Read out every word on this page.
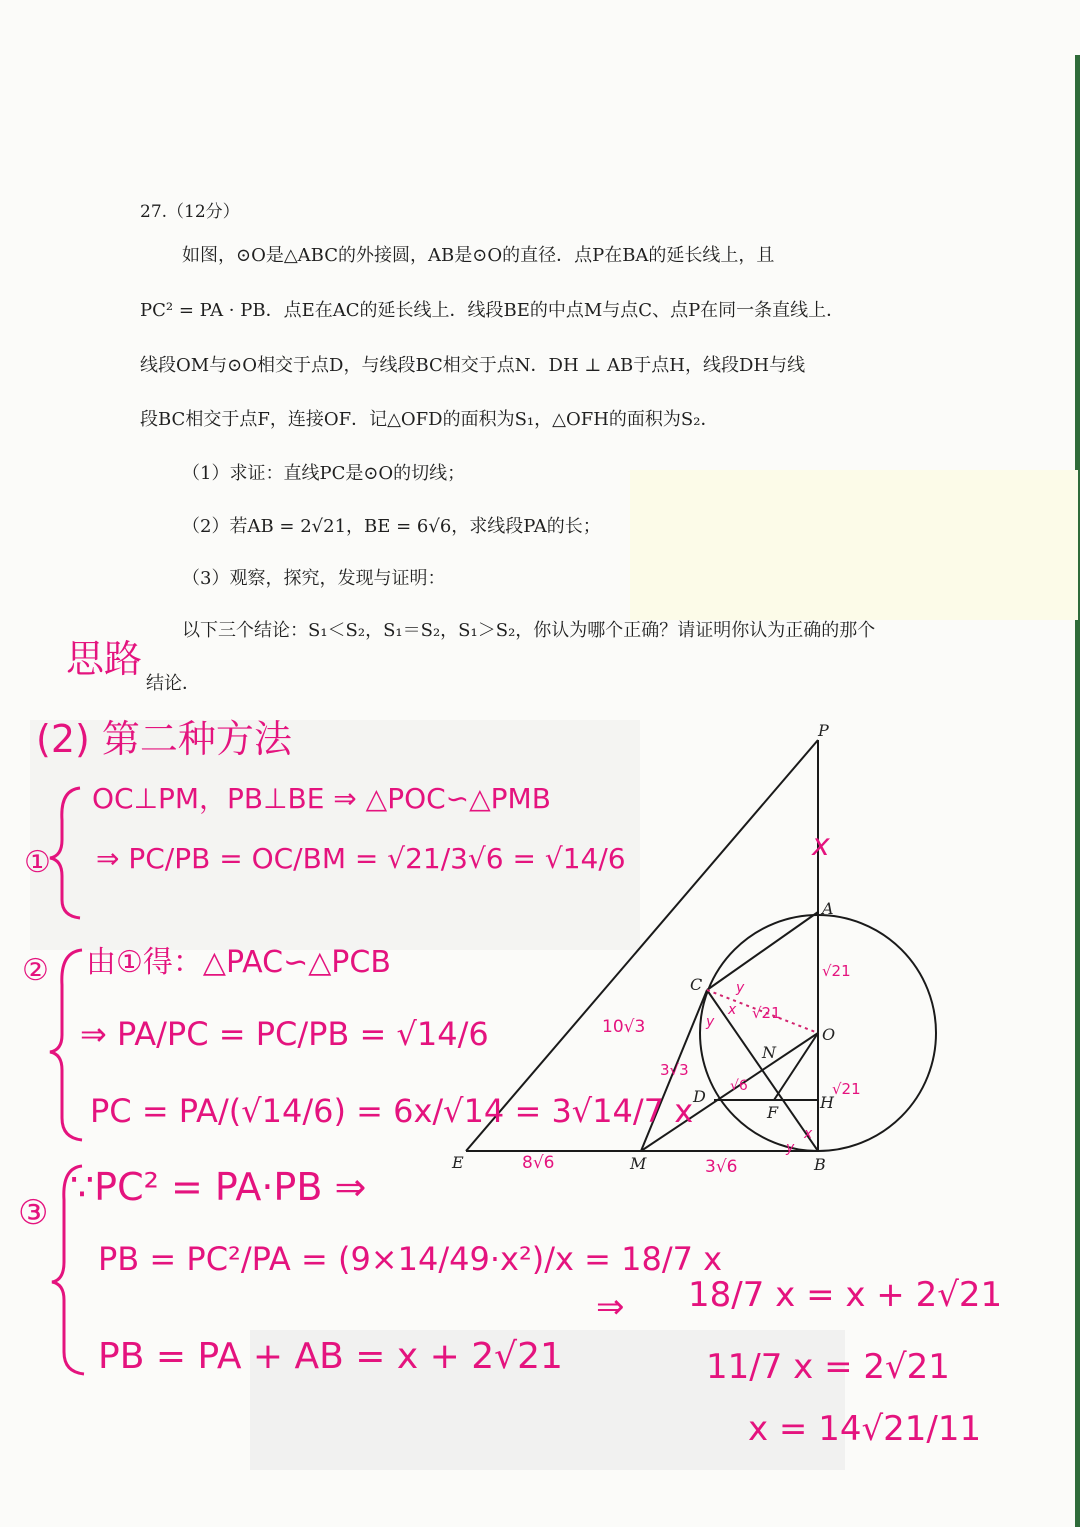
27.（12分）
如图，⊙O是△ABC的外接圆，AB是⊙O的直径．点P在BA的延长线上，且
PC² = PA · PB．点E在AC的延长线上．线段BE的中点M与点C、点P在同一条直线上．
线段OM与⊙O相交于点D，与线段BC相交于点N．DH ⊥ AB于点H，线段DH与线
段BC相交于点F，连接OF．记△OFD的面积为S₁，△OFH的面积为S₂．
（1）求证：直线PC是⊙O的切线；
（2）若AB = 2√21，BE = 6√6，求线段PA的长；
（3）观察，探究，发现与证明：
以下三个结论：S₁＜S₂，S₁＝S₂，S₁＞S₂，你认为哪个正确？请证明你认为正确的那个
结论．
P
A
C
O
N
D
F
H
E	M	B
x
√21
√21
√21
10√3
3√3
√6
8√6	3√6
y
y
x
y
x
思路
(2) 第二种方法
①
OC⊥PM，PB⊥BE ⇒ △POC∽△PMB
⇒ PC/PB = OC/BM = √21/3√6 = √14/6
② 由①得：△PAC∽△PCB
⇒ PA/PC = PC/PB = √14/6
PC = PA/(√14/6) = 6x/√14 = 3√14/7 x
③
∵PC² = PA·PB ⇒
PB = PC²/PA = (9×14/49·x²)/x = 18/7 x
PB = PA + AB = x + 2√21
⇒ 18/7 x = x + 2√21
11/7 x = 2√21
x = 14√21/11
